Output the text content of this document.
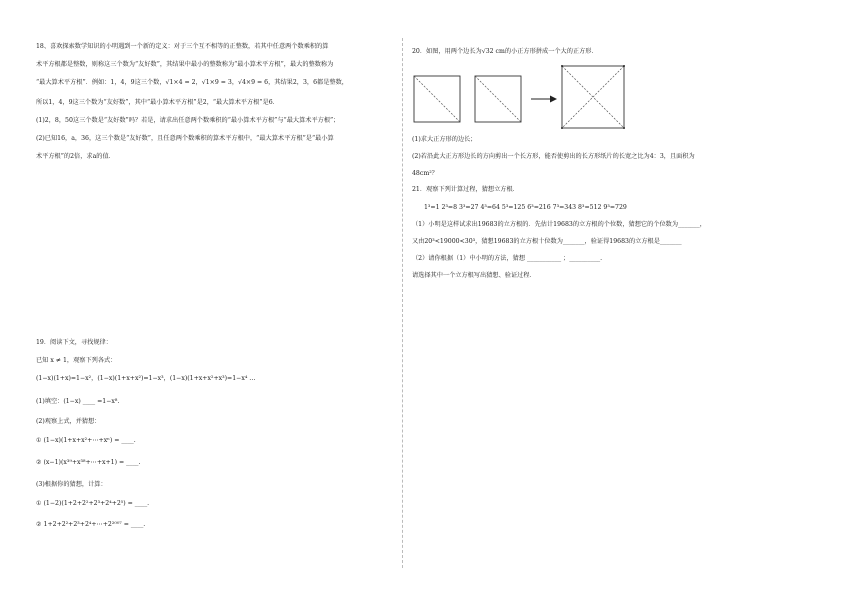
18、喜欢探索数学知识的小明遇到一个新的定义：对于三个互不相等的正整数，若其中任意两个数乘积的算
术平方根都是整数，则称这三个数为“友好数”，其结果中最小的整数称为“最小算术平方根”，最大的整数称为
“最大算术平方根”．例如：1，4，9这三个数，√1×4 = 2，√1×9 = 3，√4×9 = 6，其结果2，3，6都是整数，
所以1，4，9这三个数为“友好数”，其中“最小算术平方根”是2，“最大算术平方根”是6．
(1)2，8，50这三个数是“友好数”吗？若是，请求出任意两个数乘积的“最小算术平方根”与“最大算术平方根”；
(2)已知16，a，36，这三个数是“友好数”，且任意两个数乘积的算术平方根中，“最大算术平方根”是“最小算
术平方根”的2倍，求a的值．
19．阅读下文，寻找规律：
已知 x ≠ 1，观察下列各式：
(1−x)(1+x)=1−x²，(1−x)(1+x+x²)=1−x³，(1−x)(1+x+x²+x³)=1−x⁴ …
(1)填空：(1−x) ____ =1−x⁸.
(2)观察上式，并猜想：
① (1−x)(1+x+x²+⋯+xⁿ) = ____.
② (x−1)(x³⁹+x³⁸+⋯+x+1) = ____.
(3)根据你的猜想，计算：
① (1−2)(1+2+2²+2³+2⁴+2⁵) = ____.
② 1+2+2²+2³+2⁴+⋯+2²⁰⁰⁷ = ____.
20．如图，用两个边长为√32 cm的小正方形拼成一个大的正方形．
(1)求大正方形的边长；
(2)若沿此大正方形边长的方向剪出一个长方形，能否使剪出的长方形纸片的长宽之比为4：3，且面积为
48cm²？
21．观察下列计算过程，猜想立方根．
1³=1 2³=8 3³=27 4³=64 5³=125 6³=216 7³=343 8³=512 9³=729
（1）小明是这样试求出19683的立方根的．先估计19683的立方根的个位数，猜想它的个位数为_______，
又由20³<19000<30³，猜想19683的立方根十位数为_______，验证得19683的立方根是_______
（2）请你根据（1）中小明的方法，猜想 ___________ ；__________.
请选择其中一个立方根写出猜想、验证过程．
